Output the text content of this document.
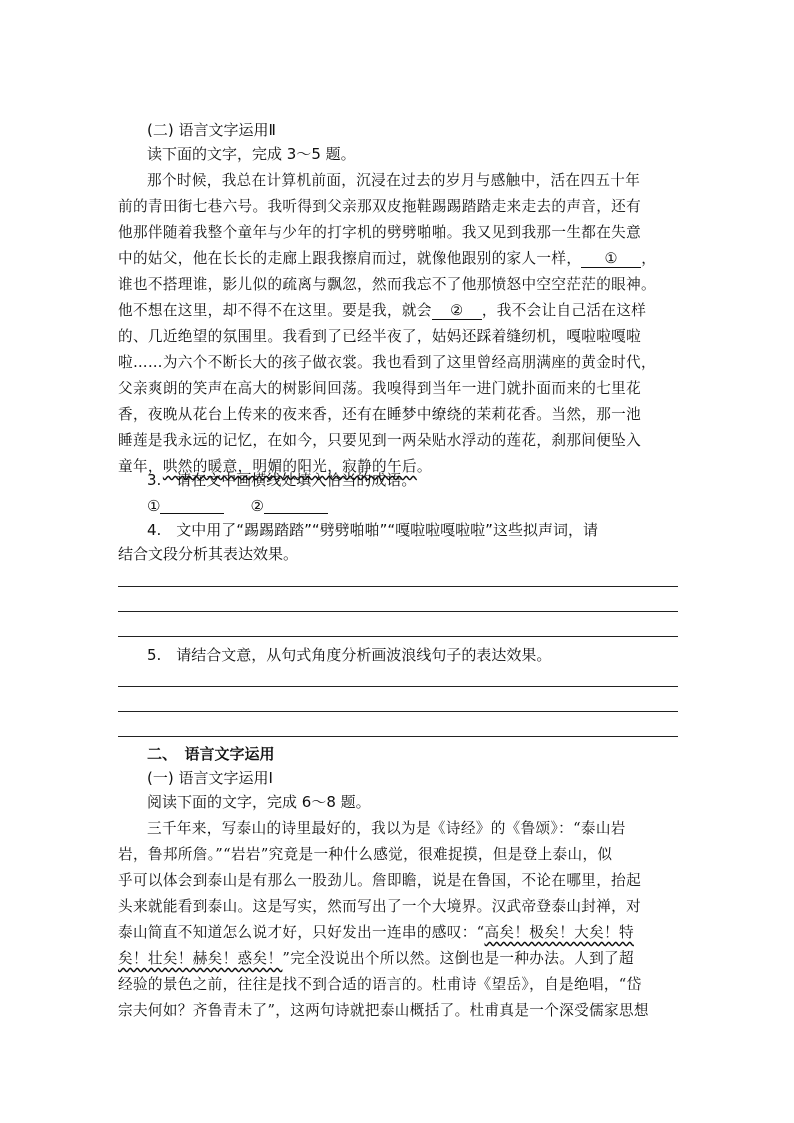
(二) 语言文字运用Ⅱ
读下面的文字，完成 3～5 题。
那个时候，我总在计算机前面，沉浸在过去的岁月与感触中，活在四五十年
前的青田街七巷六号。我听得到父亲那双皮拖鞋踢踢踏踏走来走去的声音，还有
他那伴随着我整个童年与少年的打字机的劈劈啪啪。我又见到我那一生都在失意
中的姑父，他在长长的走廊上跟我擦肩而过，就像他跟别的家人一样， ① ，
谁也不搭理谁，影儿似的疏离与飘忽，然而我忘不了他那愤怒中空空茫茫的眼神。
他不想在这里，却不得不在这里。要是我，就会 ② ，我不会让自己活在这样
的、几近绝望的氛围里。我看到了已经半夜了，姑妈还踩着缝纫机，嘎啦啦嘎啦
啦……为六个不断长大的孩子做衣裳。我也看到了这里曾经高朋满座的黄金时代，
父亲爽朗的笑声在高大的树影间回荡。我嗅得到当年一进门就扑面而来的七里花
香，夜晚从花台上传来的夜来香，还有在睡梦中缭绕的茉莉花香。当然，那一池
睡莲是我永远的记忆，在如今，只要见到一两朵贴水浮动的莲花，刹那间便坠入
童年，哄然的暖意，明媚的阳光，寂静的午后。
3.　请在文中画横线处填入恰当的成语。
①	②
4.　文中用了“踢踢踏踏”“劈劈啪啪”“嘎啦啦嘎啦啦”这些拟声词，请
结合文段分析其表达效果。
5.　请结合文意，从句式角度分析画波浪线句子的表达效果。
二、　语言文字运用
(一) 语言文字运用Ⅰ
阅读下面的文字，完成 6～8 题。
三千年来，写泰山的诗里最好的，我以为是《诗经》的《鲁颂》：“泰山岩
岩，鲁邦所詹。”“岩岩”究竟是一种什么感觉，很难捉摸，但是登上泰山，似
乎可以体会到泰山是有那么一股劲儿。詹即瞻，说是在鲁国，不论在哪里，抬起
头来就能看到泰山。这是写实，然而写出了一个大境界。汉武帝登泰山封禅，对
泰山简直不知道怎么说才好，只好发出一连串的感叹：“高矣！极矣！大矣！特
矣！壮矣！赫矣！惑矣！”完全没说出个所以然。这倒也是一种办法。人到了超
经验的景色之前，往往是找不到合适的语言的。杜甫诗《望岳》，自是绝唱，“岱
宗夫何如？齐鲁青未了”，这两句诗就把泰山概括了。杜甫真是一个深受儒家思想
